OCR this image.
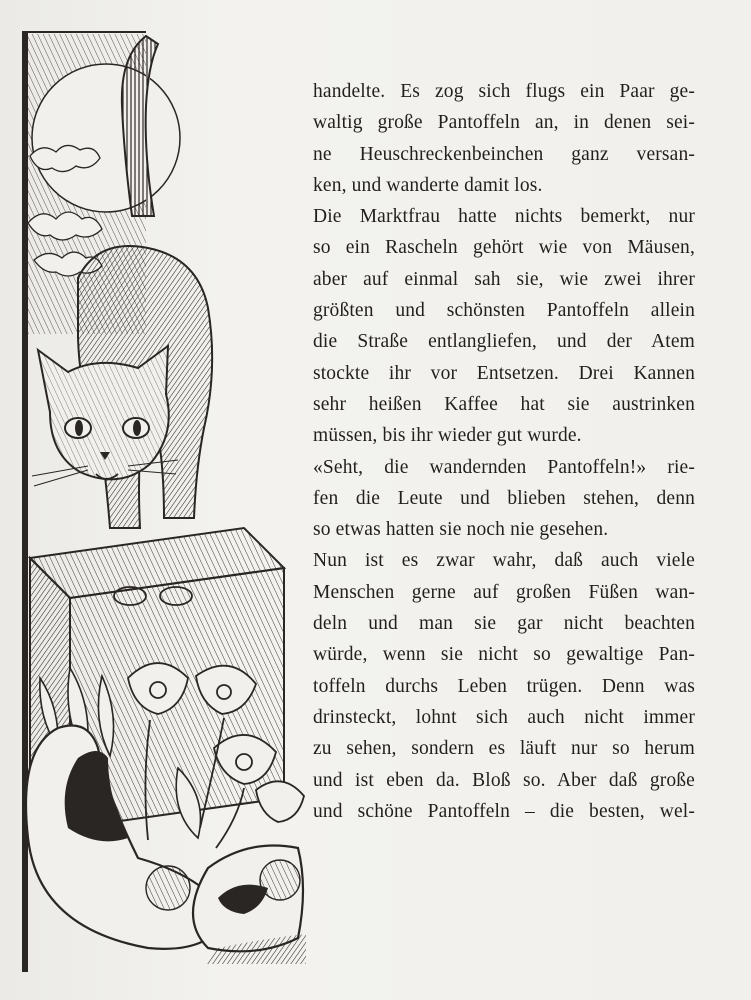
handelte. Es zog sich flugs ein Paar ge-
waltig große Pantoffeln an, in denen sei-
ne Heuschreckenbeinchen ganz versan-
ken, und wanderte damit los.
Die Marktfrau hatte nichts bemerkt, nur
so ein Rascheln gehört wie von Mäusen,
aber auf einmal sah sie, wie zwei ihrer
größten und schönsten Pantoffeln allein
die Straße entlangliefen, und der Atem
stockte ihr vor Entsetzen. Drei Kannen
sehr heißen Kaffee hat sie austrinken
müssen, bis ihr wieder gut wurde.
«Seht, die wandernden Pantoffeln!» rie-
fen die Leute und blieben stehen, denn
so etwas hatten sie noch nie gesehen.
Nun ist es zwar wahr, daß auch viele
Menschen gerne auf großen Füßen wan-
deln und man sie gar nicht beachten
würde, wenn sie nicht so gewaltige Pan-
toffeln durchs Leben trügen. Denn was
drinsteckt, lohnt sich auch nicht immer
zu sehen, sondern es läuft nur so herum
und ist eben da. Bloß so. Aber daß große
und schöne Pantoffeln – die besten, wel-
